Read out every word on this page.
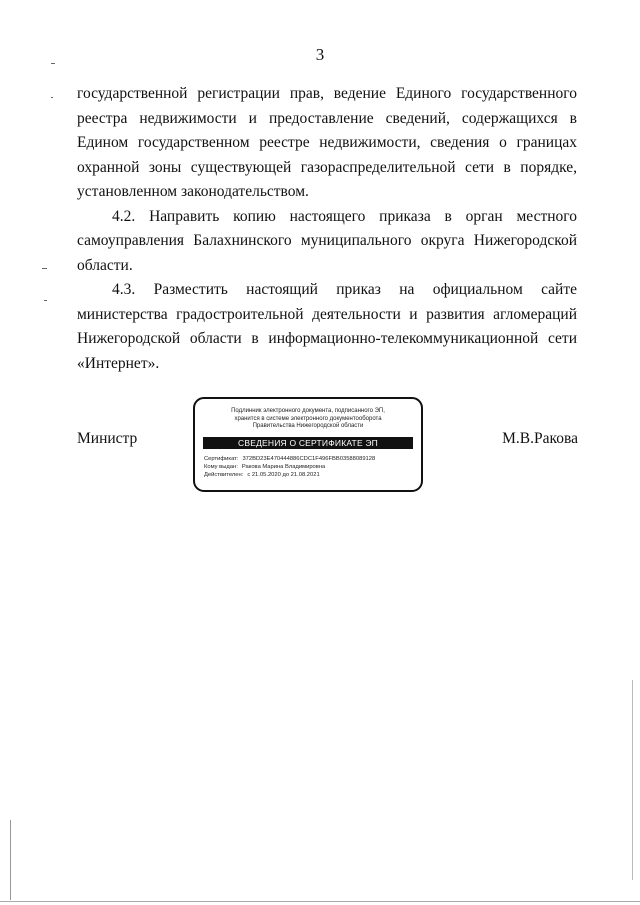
3

государственной регистрации прав, ведение Единого государственного реестра недвижимости и предоставление сведений, содержащихся в Едином государственном реестре недвижимости, сведения о границах охранной зоны существующей газораспределительной сети в порядке, установленном законодательством.

4.2. Направить копию настоящего приказа в орган местного самоуправления Балахнинского муниципального округа Нижегородской области.

4.3. Разместить настоящий приказ на официальном сайте министерства градостроительной деятельности и развития агломераций Нижегородской области в информационно-телекоммуникационной сети «Интернет».

Министр
Подлинник электронного документа, подписанного ЭП,
хранится в системе электронного документооборота
Правительства Нижегородской области
СВЕДЕНИЯ О СЕРТИФИКАТЕ ЭП
Сертификат: 372BD23E470444886CDC1F496FBB03588089128
Кому выдан: Ракова Марина Владимировна
Действителен: с 21.05.2020 до 21.08.2021
М.В.Ракова
